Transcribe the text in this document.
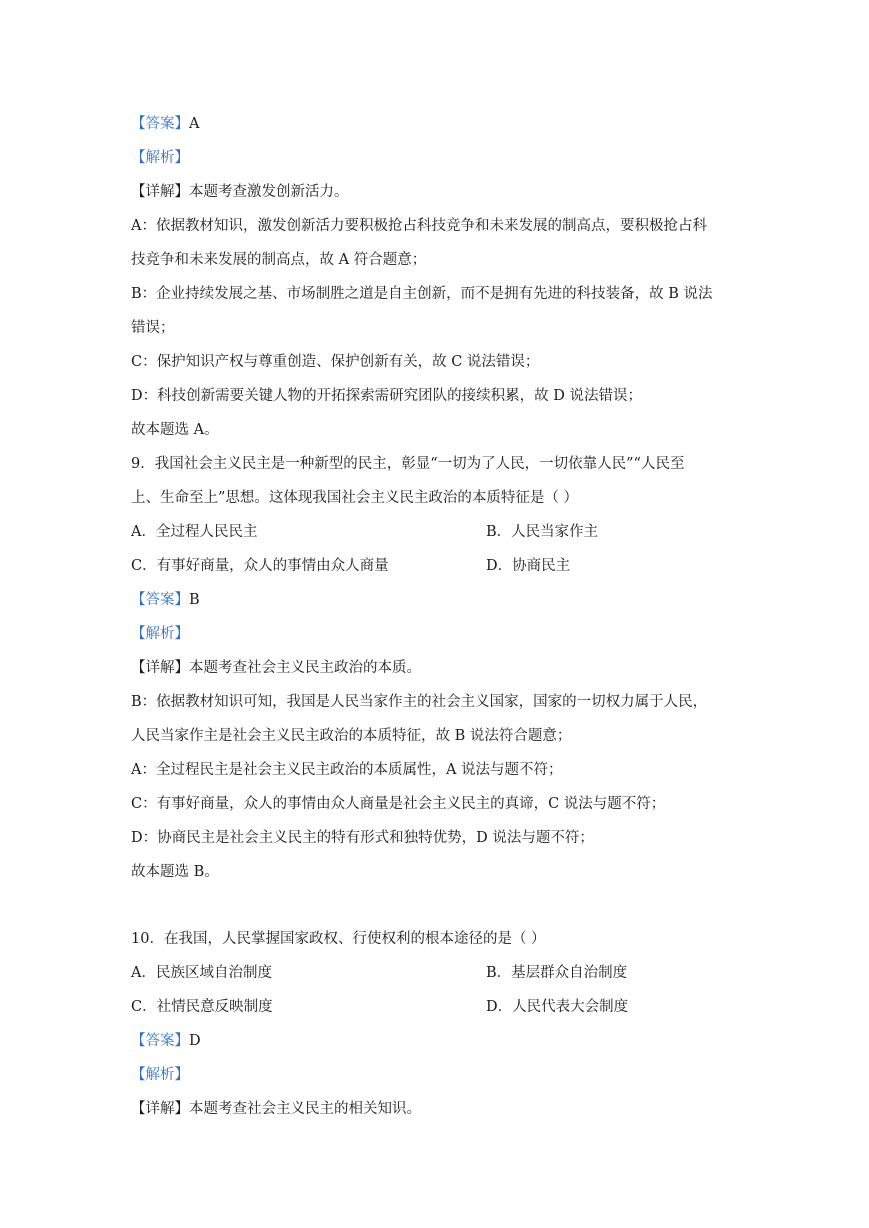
【答案】A
【解析】
【详解】本题考查激发创新活力。
A：依据教材知识，激发创新活力要积极抢占科技竞争和未来发展的制高点，要积极抢占科
技竞争和未来发展的制高点，故 A 符合题意；
B：企业持续发展之基、市场制胜之道是自主创新，而不是拥有先进的科技装备，故 B 说法
错误；
C：保护知识产权与尊重创造、保护创新有关，故 C 说法错误；
D：科技创新需要关键人物的开拓探索需研究团队的接续积累，故 D 说法错误；
故本题选 A。
9．我国社会主义民主是一种新型的民主，彰显“一切为了人民，一切依靠人民”“人民至
上、生命至上”思想。这体现我国社会主义民主政治的本质特征是（ ）
A．全过程人民民主	B．人民当家作主
C．有事好商量，众人的事情由众人商量	D．协商民主
【答案】B
【解析】
【详解】本题考查社会主义民主政治的本质。
B：依据教材知识可知，我国是人民当家作主的社会主义国家，国家的一切权力属于人民，
人民当家作主是社会主义民主政治的本质特征，故 B 说法符合题意；
A：全过程民主是社会主义民主政治的本质属性，A 说法与题不符；
C：有事好商量，众人的事情由众人商量是社会主义民主的真谛，C 说法与题不符；
D：协商民主是社会主义民主的特有形式和独特优势，D 说法与题不符；
故本题选 B。
10．在我国，人民掌握国家政权、行使权利的根本途径的是（ ）
A．民族区域自治制度	B．基层群众自治制度
C．社情民意反映制度	D．人民代表大会制度
【答案】D
【解析】
【详解】本题考查社会主义民主的相关知识。
